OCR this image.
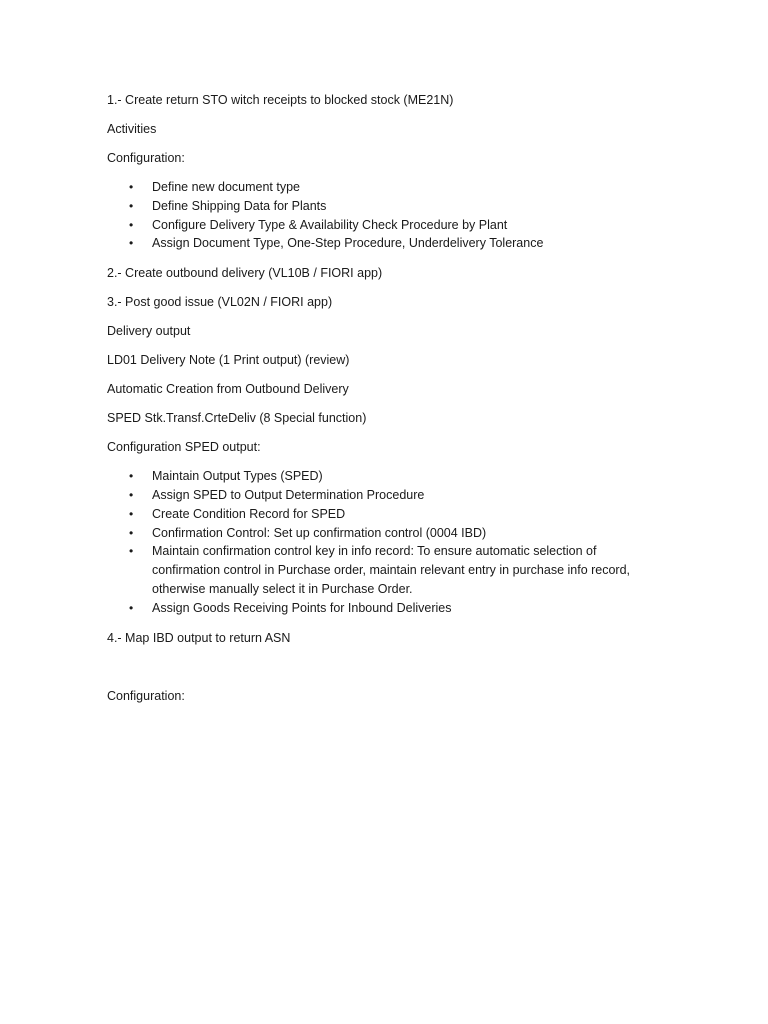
1.- Create return STO witch receipts to blocked stock (ME21N)

Activities

Configuration:

• Define new document type
• Define Shipping Data for Plants
• Configure Delivery Type & Availability Check Procedure by Plant
• Assign Document Type, One-Step Procedure, Underdelivery Tolerance

2.- Create outbound delivery (VL10B / FIORI app)

3.- Post good issue (VL02N / FIORI app)

Delivery output

LD01 Delivery Note (1 Print output) (review)

Automatic Creation from Outbound Delivery

SPED Stk.Transf.CrteDeliv (8 Special function)

Configuration SPED output:

• Maintain Output Types (SPED)
• Assign SPED to Output Determination Procedure
• Create Condition Record for SPED
• Confirmation Control: Set up confirmation control (0004 IBD)
• Maintain confirmation control key in info record: To ensure automatic selection of confirmation control in Purchase order, maintain relevant entry in purchase info record, otherwise manually select it in Purchase Order.
• Assign Goods Receiving Points for Inbound Deliveries

4.- Map IBD output to return ASN

Configuration:
